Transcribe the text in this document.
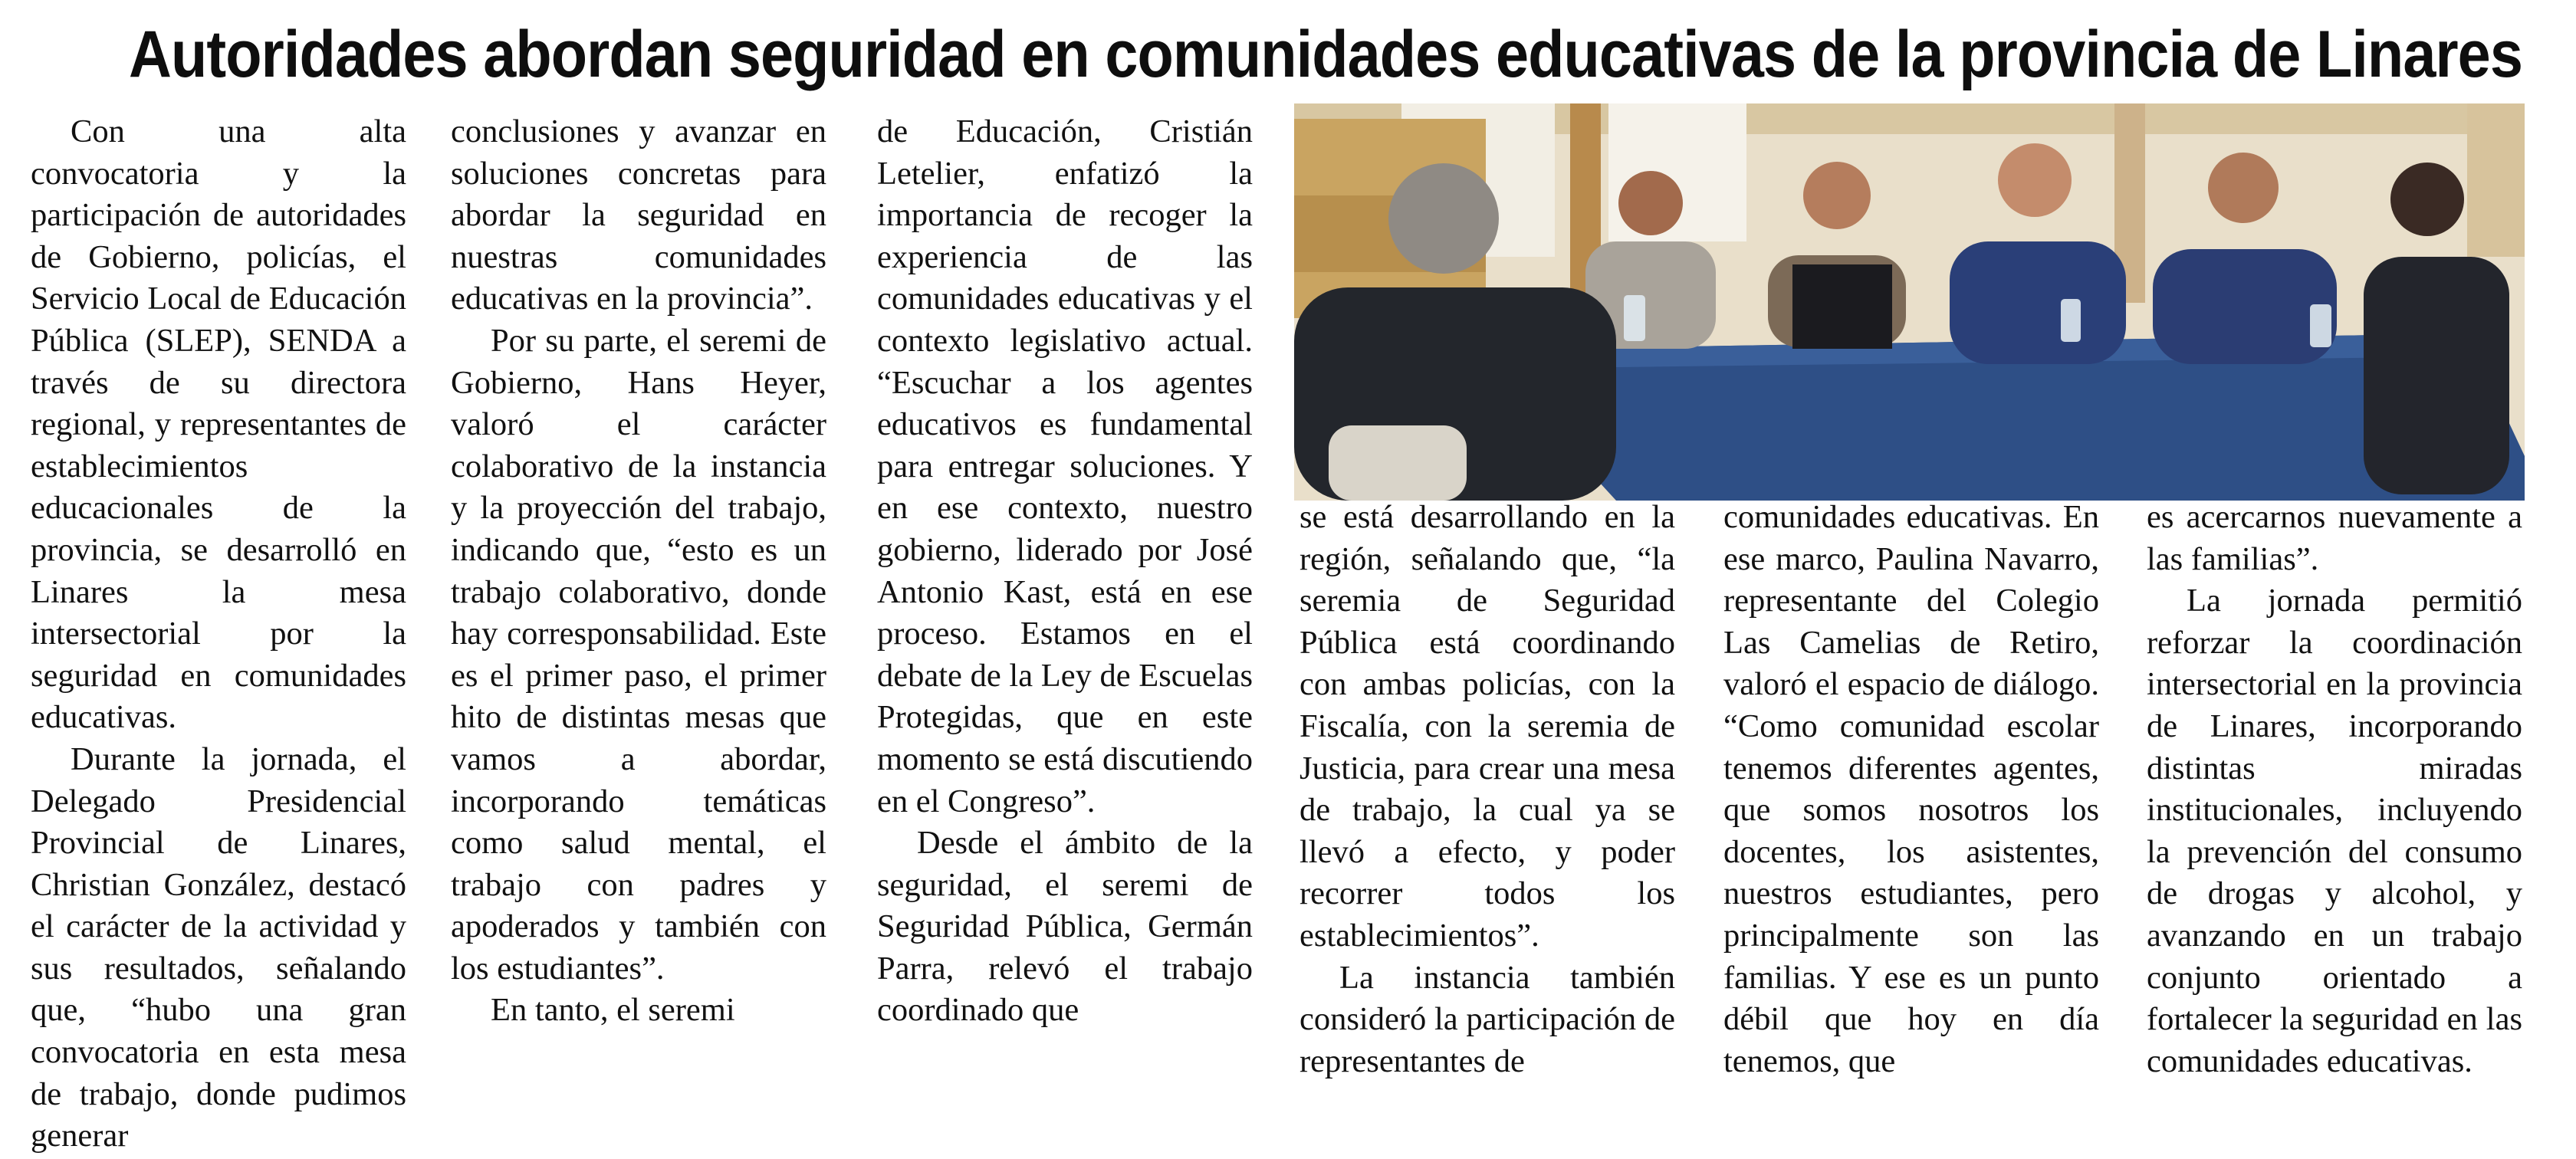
Autoridades abordan seguridad en comunidades educativas de la provincia de Linares

Con una alta convocatoria y la participación de autoridades de Gobierno, policías, el Servicio Local de Educación Pública (SLEP), SENDA a través de su directora regional, y representantes de establecimientos educacionales de la provincia, se desarrolló en Linares la mesa intersectorial por la seguridad en comunidades educativas.

Durante la jornada, el Delegado Presidencial Provincial de Linares, Christian González, destacó el carácter de la actividad y sus resultados, señalando que, “hubo una gran convocatoria en esta mesa de trabajo, donde pudimos generar

conclusiones y avanzar en soluciones concretas para abordar la seguridad en nuestras comunidades educativas en la provincia”.

Por su parte, el seremi de Gobierno, Hans Heyer, valoró el carácter colaborativo de la instancia y la proyección del trabajo, indicando que, “esto es un trabajo colaborativo, donde hay corresponsabilidad. Este es el primer paso, el primer hito de distintas mesas que vamos a abordar, incorporando temáticas como salud mental, el trabajo con padres y apoderados y también con los estudiantes”.

En tanto, el seremi

de Educación, Cristián Letelier, enfatizó la importancia de recoger la experiencia de las comunidades educativas y el contexto legislativo actual. “Escuchar a los agentes educativos es fundamental para entregar soluciones. Y en ese contexto, nuestro gobierno, liderado por José Antonio Kast, está en ese proceso. Estamos en el debate de la Ley de Escuelas Protegidas, que en este momento se está discutiendo en el Congreso”.

Desde el ámbito de la seguridad, el seremi de Seguridad Pública, Germán Parra, relevó el trabajo coordinado que

se está desarrollando en la región, señalando que, “la seremia de Seguridad Pública está coordinando con ambas policías, con la Fiscalía, con la seremia de Justicia, para crear una mesa de trabajo, la cual ya se llevó a efecto, y poder recorrer todos los establecimientos”.

La instancia también consideró la participación de representantes de

comunidades educativas. En ese marco, Paulina Navarro, representante del Colegio Las Camelias de Retiro, valoró el espacio de diálogo. “Como comunidad escolar tenemos diferentes agentes, que somos nosotros los docentes, los asistentes, nuestros estudiantes, pero principalmente son las familias. Y ese es un punto débil que hoy en día tenemos, que

es acercarnos nuevamente a las familias”.

La jornada permitió reforzar la coordinación intersectorial en la provincia de Linares, incorporando distintas miradas institucionales, incluyendo la prevención del consumo de drogas y alcohol, y avanzando en un trabajo conjunto orientado a fortalecer la seguridad en las comunidades educativas.
